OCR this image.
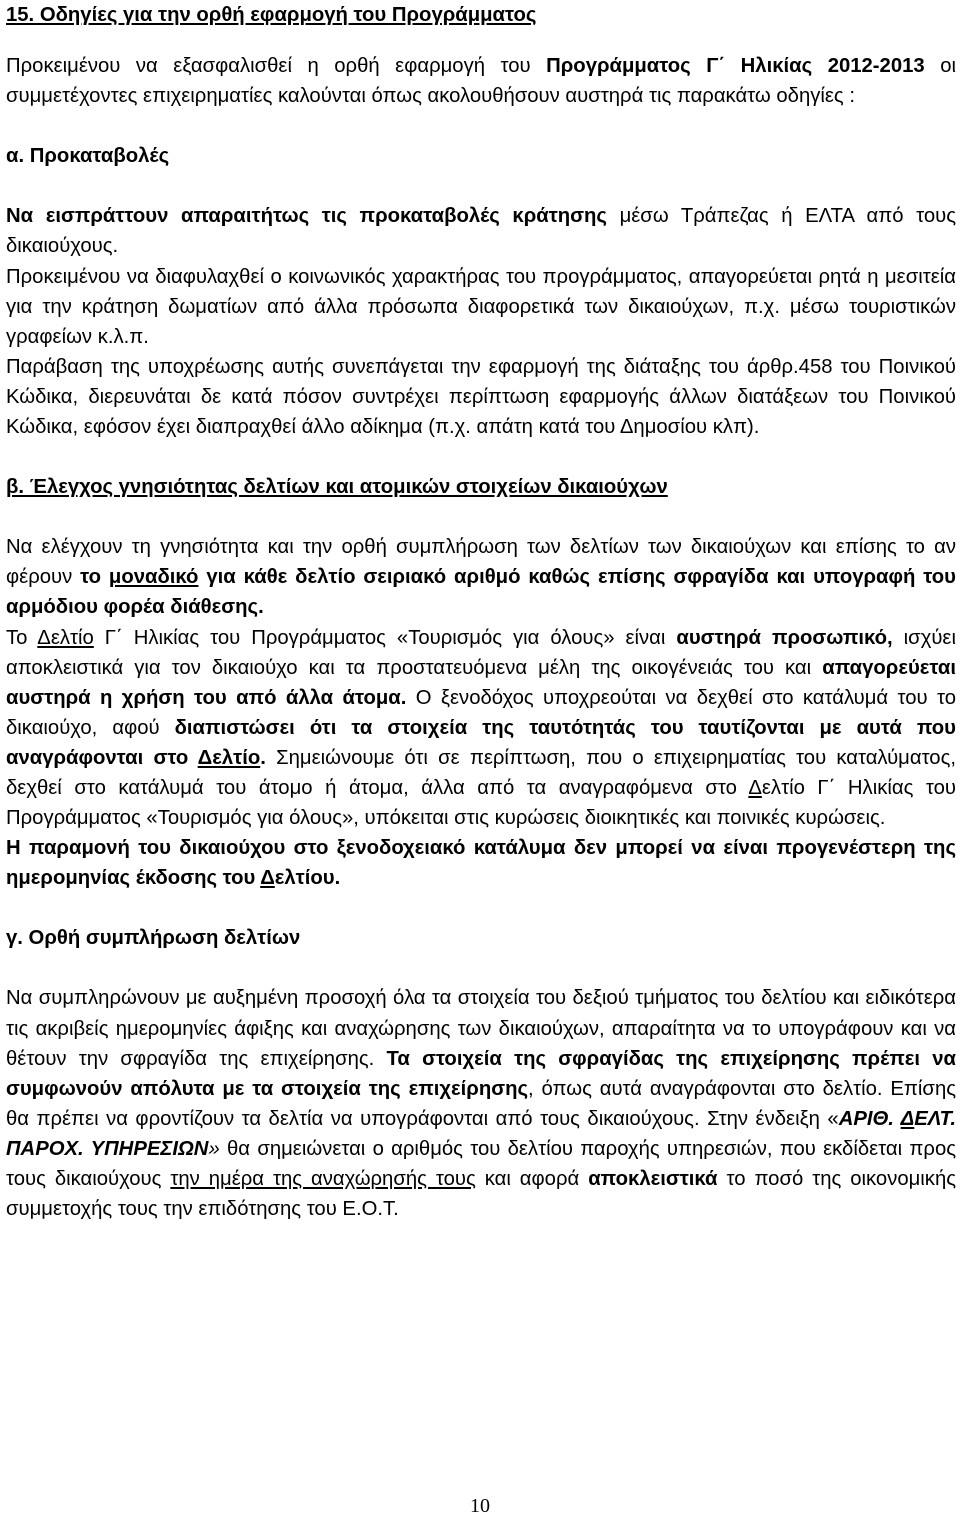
15. Οδηγίες για την ορθή εφαρμογή του Προγράμματος

Προκειμένου να εξασφαλισθεί η ορθή εφαρμογή του Προγράμματος Γ΄ Ηλικίας 2012-2013 οι συμμετέχοντες επιχειρηματίες καλούνται όπως ακολουθήσουν αυστηρά τις παρακάτω οδηγίες :

α. Προκαταβολές

Να εισπράττουν απαραιτήτως τις προκαταβολές κράτησης μέσω Τράπεζας ή ΕΛΤΑ από τους δικαιούχους.

Προκειμένου να διαφυλαχθεί ο κοινωνικός χαρακτήρας του προγράμματος, απαγορεύεται ρητά η μεσιτεία για την κράτηση δωματίων από άλλα πρόσωπα διαφορετικά των δικαιούχων, π.χ. μέσω τουριστικών γραφείων κ.λ.π.

Παράβαση της υποχρέωσης αυτής συνεπάγεται την εφαρμογή της διάταξης του άρθρ.458 του Ποινικού Κώδικα, διερευνάται δε κατά πόσον συντρέχει περίπτωση εφαρμογής άλλων διατάξεων του Ποινικού Κώδικα, εφόσον έχει διαπραχθεί άλλο αδίκημα (π.χ. απάτη κατά του Δημοσίου κλπ).

β. Έλεγχος γνησιότητας δελτίων και ατομικών στοιχείων δικαιούχων

Να ελέγχουν τη γνησιότητα και την ορθή συμπλήρωση των δελτίων των δικαιούχων και επίσης το αν φέρουν το μοναδικό για κάθε δελτίο σειριακό αριθμό καθώς επίσης σφραγίδα και υπογραφή του αρμόδιου φορέα διάθεσης.

Το Δελτίο Γ΄ Ηλικίας του Προγράμματος «Τουρισμός για όλους» είναι αυστηρά προσωπικό, ισχύει αποκλειστικά για τον δικαιούχο και τα προστατευόμενα μέλη της οικογένειάς του και απαγορεύεται αυστηρά η χρήση του από άλλα άτομα. Ο ξενοδόχος υποχρεούται να δεχθεί στο κατάλυμά του το δικαιούχο, αφού διαπιστώσει ότι τα στοιχεία της ταυτότητάς του ταυτίζονται με αυτά που αναγράφονται στο Δελτίο. Σημειώνουμε ότι σε περίπτωση, που ο επιχειρηματίας του καταλύματος, δεχθεί στο κατάλυμά του άτομο ή άτομα, άλλα από τα αναγραφόμενα στο Δελτίο Γ΄ Ηλικίας του Προγράμματος «Τουρισμός για όλους», υπόκειται στις κυρώσεις διοικητικές και ποινικές κυρώσεις.

Η παραμονή του δικαιούχου στο ξενοδοχειακό κατάλυμα δεν μπορεί να είναι προγενέστερη της ημερομηνίας έκδοσης του Δελτίου.

γ. Ορθή συμπλήρωση δελτίων

Να συμπληρώνουν με αυξημένη προσοχή όλα τα στοιχεία του δεξιού τμήματος του δελτίου και ειδικότερα τις ακριβείς ημερομηνίες άφιξης και αναχώρησης των δικαιούχων, απαραίτητα να το υπογράφουν και να θέτουν την σφραγίδα της επιχείρησης. Τα στοιχεία της σφραγίδας της επιχείρησης πρέπει να συμφωνούν απόλυτα με τα στοιχεία της επιχείρησης, όπως αυτά αναγράφονται στο δελτίο. Επίσης θα πρέπει να φροντίζουν τα δελτία να υπογράφονται από τους δικαιούχους. Στην ένδειξη «ΑΡΙΘ. ΔΕΛΤ. ΠΑΡΟΧ. ΥΠΗΡΕΣΙΩΝ» θα σημειώνεται ο αριθμός του δελτίου παροχής υπηρεσιών, που εκδίδεται προς τους δικαιούχους την ημέρα της αναχώρησής τους και αφορά αποκλειστικά το ποσό της οικονομικής συμμετοχής τους την επιδότησης του Ε.Ο.Τ.

10
